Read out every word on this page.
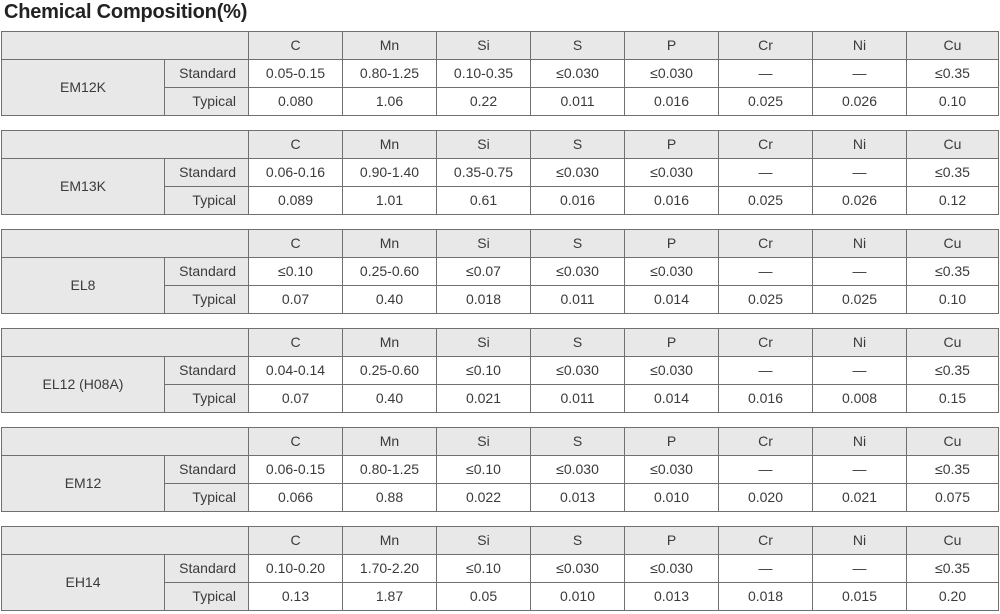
Chemical Composition(%)
		C	Mn	Si	S	P	Cr	Ni	Cu
EM12K	Standard	0.05-0.15	0.80-1.25	0.10-0.35	≤0.030	≤0.030	—	—	≤0.35
	Typical	0.080	1.06	0.22	0.011	0.016	0.025	0.026	0.10
		C	Mn	Si	S	P	Cr	Ni	Cu
EM13K	Standard	0.06-0.16	0.90-1.40	0.35-0.75	≤0.030	≤0.030	—	—	≤0.35
	Typical	0.089	1.01	0.61	0.016	0.016	0.025	0.026	0.12
		C	Mn	Si	S	P	Cr	Ni	Cu
EL8	Standard	≤0.10	0.25-0.60	≤0.07	≤0.030	≤0.030	—	—	≤0.35
	Typical	0.07	0.40	0.018	0.011	0.014	0.025	0.025	0.10
		C	Mn	Si	S	P	Cr	Ni	Cu
EL12 (H08A)	Standard	0.04-0.14	0.25-0.60	≤0.10	≤0.030	≤0.030	—	—	≤0.35
	Typical	0.07	0.40	0.021	0.011	0.014	0.016	0.008	0.15
		C	Mn	Si	S	P	Cr	Ni	Cu
EM12	Standard	0.06-0.15	0.80-1.25	≤0.10	≤0.030	≤0.030	—	—	≤0.35
	Typical	0.066	0.88	0.022	0.013	0.010	0.020	0.021	0.075
		C	Mn	Si	S	P	Cr	Ni	Cu
EH14	Standard	0.10-0.20	1.70-2.20	≤0.10	≤0.030	≤0.030	—	—	≤0.35
	Typical	0.13	1.87	0.05	0.010	0.013	0.018	0.015	0.20
